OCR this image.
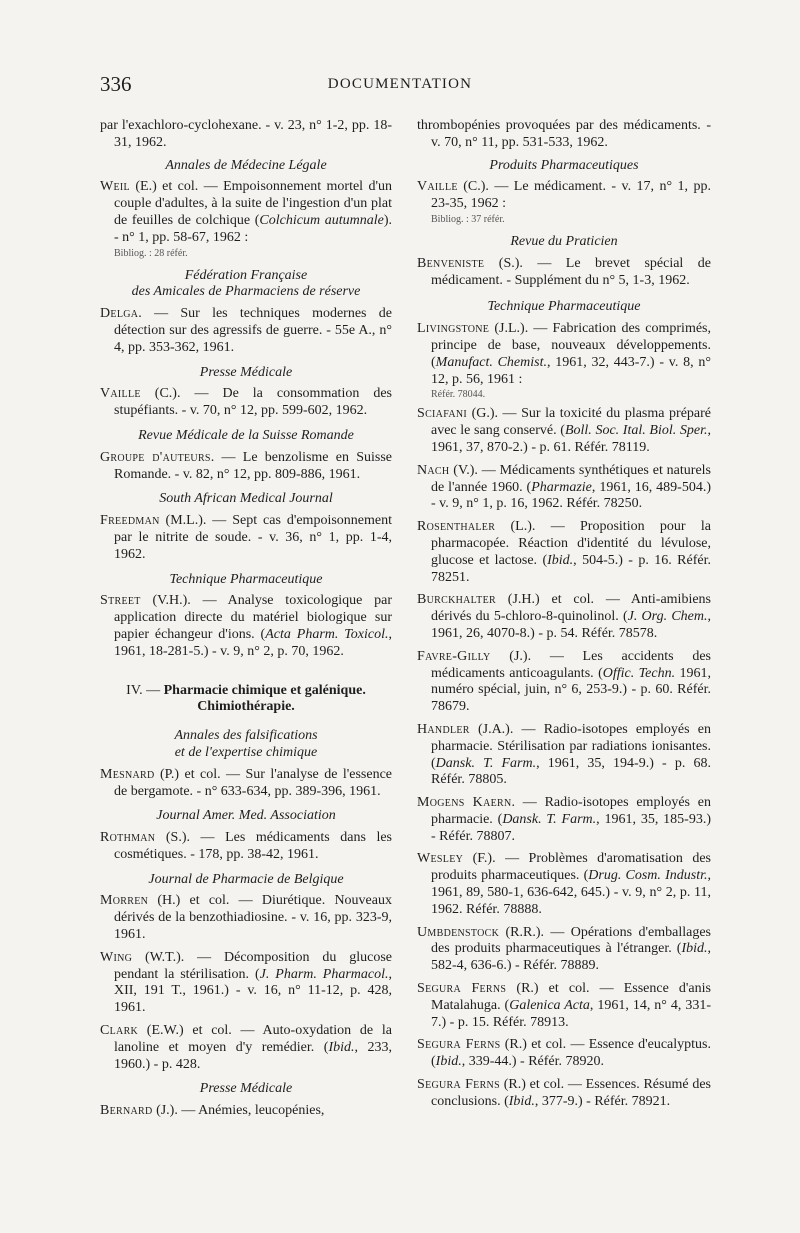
336	DOCUMENTATION

par l'exachloro-cyclohexane. - v. 23, n° 1-2, pp. 18-31, 1962.

Annales de Médecine Légale

Weil (E.) et col. — Empoisonnement mortel d'un couple d'adultes, à la suite de l'ingestion d'un plat de feuilles de colchique (Colchicum autumnale). - n° 1, pp. 58-67, 1962 :
Bibliog. : 28 référ.

Fédération Française

des Amicales de Pharmaciens de réserve

Delga. — Sur les techniques modernes de détection sur des agressifs de guerre. - 55e A., n° 4, pp. 353-362, 1961.

Presse Médicale

Vaille (C.). — De la consommation des stupéfiants. - v. 70, n° 12, pp. 599-602, 1962.

Revue Médicale de la Suisse Romande

Groupe d'auteurs. — Le benzolisme en Suisse Romande. - v. 82, n° 12, pp. 809-886, 1961.

South African Medical Journal

Freedman (M.L.). — Sept cas d'empoisonnement par le nitrite de soude. - v. 36, n° 1, pp. 1-4, 1962.

Technique Pharmaceutique

Street (V.H.). — Analyse toxicologique par application directe du matériel biologique sur papier échangeur d'ions. (Acta Pharm. Toxicol., 1961, 18-281-5.) - v. 9, n° 2, p. 70, 1962.

IV. — Pharmacie chimique et galénique.
Chimiothérapie.

Annales des falsifications

et de l'expertise chimique

Mesnard (P.) et col. — Sur l'analyse de l'essence de bergamote. - n° 633-634, pp. 389-396, 1961.

Journal Amer. Med. Association

Rothman (S.). — Les médicaments dans les cosmétiques. - 178, pp. 38-42, 1961.

Journal de Pharmacie de Belgique

Morren (H.) et col. — Diurétique. Nouveaux dérivés de la benzothiadiosine. - v. 16, pp. 323-9, 1961.

Wing (W.T.). — Décomposition du glucose pendant la stérilisation. (J. Pharm. Pharmacol., XII, 191 T., 1961.) - v. 16, n° 11-12, p. 428, 1961.

Clark (E.W.) et col. — Auto-oxydation de la lanoline et moyen d'y remédier. (Ibid., 233, 1960.) - p. 428.

Presse Médicale

Bernard (J.). — Anémies, leucopénies,

thrombopénies provoquées par des médicaments. - v. 70, n° 11, pp. 531-533, 1962.

Produits Pharmaceutiques

Vaille (C.). — Le médicament. - v. 17, n° 1, pp. 23-35, 1962 :
Bibliog. : 37 référ.

Revue du Praticien

Benveniste (S.). — Le brevet spécial de médicament. - Supplément du n° 5, 1-3, 1962.

Technique Pharmaceutique

Livingstone (J.L.). — Fabrication des comprimés, principe de base, nouveaux développements. (Manufact. Chemist., 1961, 32, 443-7.) - v. 8, n° 12, p. 56, 1961 :
Référ. 78044.

Sciafani (G.). — Sur la toxicité du plasma préparé avec le sang conservé. (Boll. Soc. Ital. Biol. Sper., 1961, 37, 870-2.) - p. 61. Référ. 78119.

Nach (V.). — Médicaments synthétiques et naturels de l'année 1960. (Pharmazie, 1961, 16, 489-504.) - v. 9, n° 1, p. 16, 1962. Référ. 78250.

Rosenthaler (L.). — Proposition pour la pharmacopée. Réaction d'identité du lévulose, glucose et lactose. (Ibid., 504-5.) - p. 16. Référ. 78251.

Burckhalter (J.H.) et col. — Anti-amibiens dérivés du 5-chloro-8-quinolinol. (J. Org. Chem., 1961, 26, 4070-8.) - p. 54. Référ. 78578.

Favre-Gilly (J.). — Les accidents des médicaments anticoagulants. (Offic. Techn. 1961, numéro spécial, juin, n° 6, 253-9.) - p. 60. Référ. 78679.

Handler (J.A.). — Radio-isotopes employés en pharmacie. Stérilisation par radiations ionisantes. (Dansk. T. Farm., 1961, 35, 194-9.) - p. 68. Référ. 78805.

Mogens Kaern. — Radio-isotopes employés en pharmacie. (Dansk. T. Farm., 1961, 35, 185-93.) - Référ. 78807.

Wesley (F.). — Problèmes d'aromatisation des produits pharmaceutiques. (Drug. Cosm. Industr., 1961, 89, 580-1, 636-642, 645.) - v. 9, n° 2, p. 11, 1962. Référ. 78888.

Umbdenstock (R.R.). — Opérations d'emballages des produits pharmaceutiques à l'étranger. (Ibid., 582-4, 636-6.) - Référ. 78889.

Segura Ferns (R.) et col. — Essence d'anis Matalahuga. (Galenica Acta, 1961, 14, n° 4, 331-7.) - p. 15. Référ. 78913.

Segura Ferns (R.) et col. — Essence d'eucalyptus. (Ibid., 339-44.) - Référ. 78920.

Segura Ferns (R.) et col. — Essences. Résumé des conclusions. (Ibid., 377-9.) - Référ. 78921.
